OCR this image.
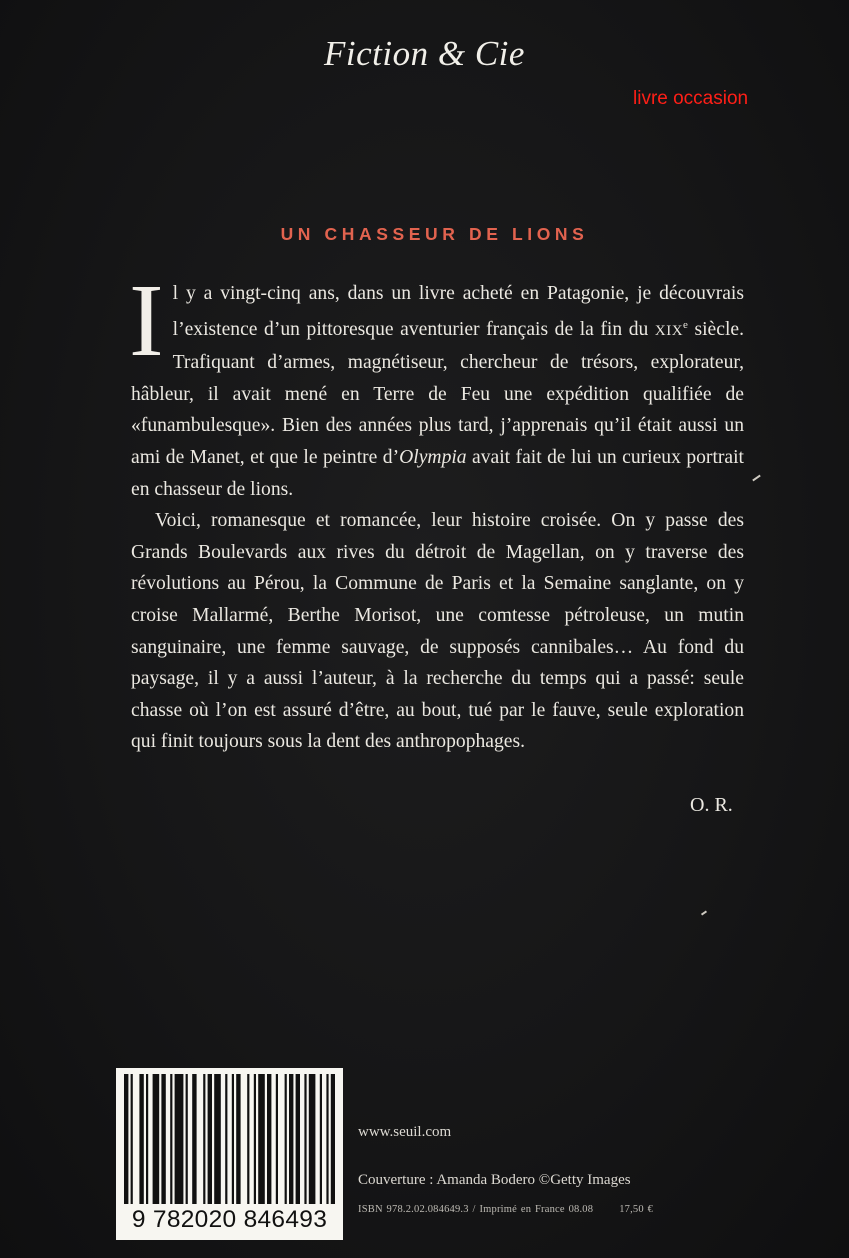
Fiction & Cie
livre occasion
UN CHASSEUR DE LIONS

Il y a vingt-cinq ans, dans un livre acheté en Patagonie, je découvrais l’existence d’un pittoresque aventurier français de la fin du XIXe siècle. Trafiquant d’armes, magnétiseur, chercheur de trésors, explorateur, hâbleur, il avait mené en Terre de Feu une expédition qualifiée de «funambulesque». Bien des années plus tard, j’apprenais qu’il était aussi un ami de Manet, et que le peintre d’Olympia avait fait de lui un curieux portrait en chasseur de lions.

Voici, romanesque et romancée, leur histoire croisée. On y passe des Grands Boulevards aux rives du détroit de Magellan, on y traverse des révolutions au Pérou, la Commune de Paris et la Semaine sanglante, on y croise Mallarmé, Berthe Morisot, une comtesse pétroleuse, un mutin sanguinaire, une femme sauvage, de supposés cannibales… Au fond du paysage, il y a aussi l’auteur, à la recherche du temps qui a passé: seule chasse où l’on est assuré d’être, au bout, tué par le fauve, seule exploration qui finit toujours sous la dent des anthropophages.

O. R.
9 782020 846493
www.seuil.com
Couverture : Amanda Bodero ©Getty Images
ISBN 978.2.02.084649.3 / Imprimé en France 08.08 17,50 €
